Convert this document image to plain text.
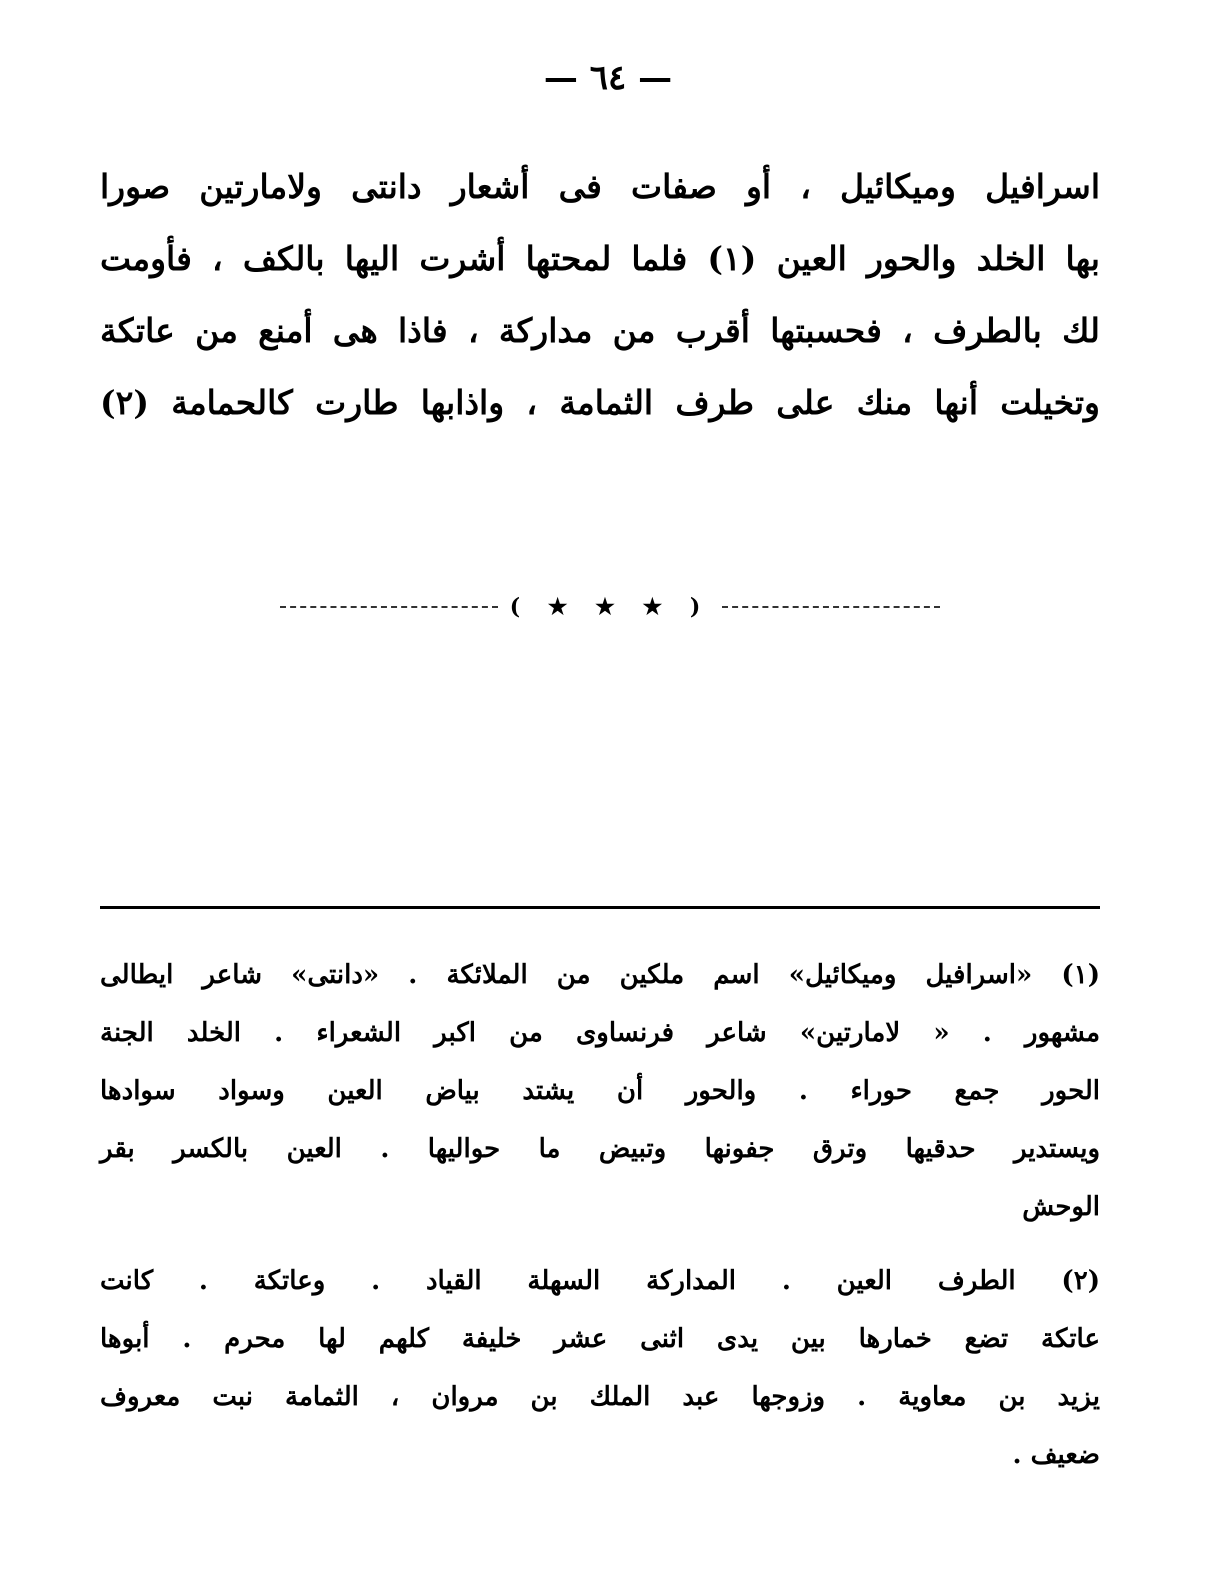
— ٦٤ —
اسرافيل وميكائيل ، أو صفات فى أشعار دانتى ولامارتين صورا
بها الخلد والحور العين (١) فلما لمحتها أشرت اليها بالكف ، فأومت
لك بالطرف ، فحسبتها أقرب من مداركة ، فاذا هى أمنع من عاتكة
وتخيلت أنها منك على طرف الثمامة ، واذابها طارت كالحمامة (٢)
( ★ ★ ★ )
(١) «اسرافيل وميكائيل» اسم ملكين من الملائكة . «دانتى» شاعر ايطالى
مشهور . « لامارتين» شاعر فرنساوى من اكبر الشعراء . الخلد الجنة
الحور جمع حوراء . والحور أن يشتد بياض العين وسواد سوادها
ويستدير حدقيها وترق جفونها وتبيض ما حواليها . العين بالكسر بقر
الوحش
(٢) الطرف العين . المداركة السهلة القياد . وعاتكة . كانت
عاتكة تضع خمارها بين يدى اثنى عشر خليفة كلهم لها محرم . أبوها
يزيد بن معاوية . وزوجها عبد الملك بن مروان ، الثمامة نبت معروف
ضعيف .
